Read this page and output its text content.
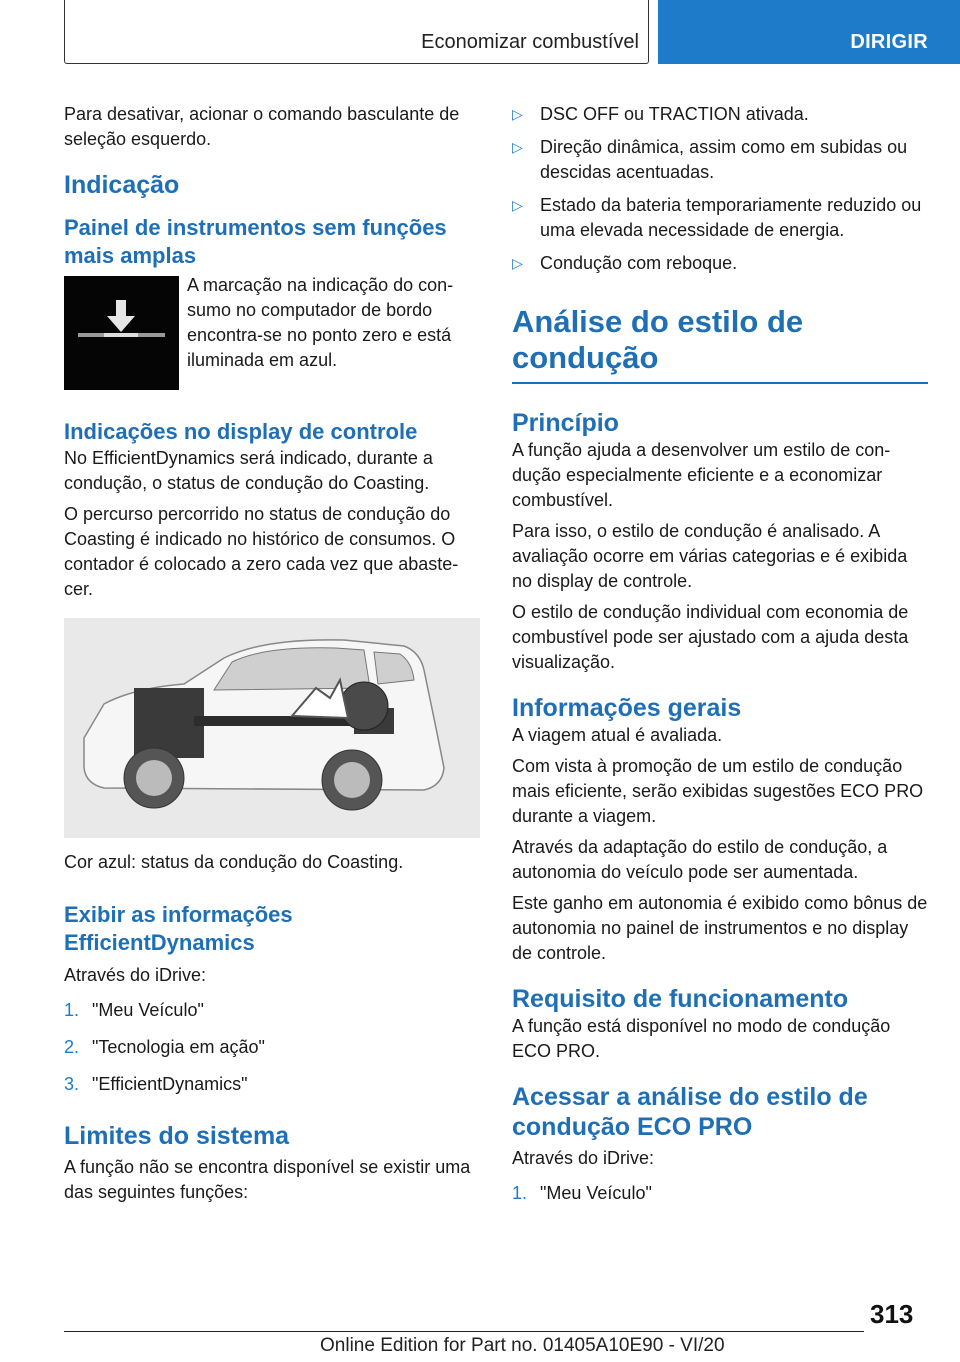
Economizar combustível	DIRIGIR

Para desativar, acionar o comando basculante de seleção esquerdo.

Indicação
Painel de instrumentos sem funções mais amplas

A marcação na indicação do con-sumo no computador de bordo encontra-se no ponto zero e está iluminada em azul.

Indicações no display de controle

No EfficientDynamics será indicado, durante a condução, o status de condução do Coasting.

O percurso percorrido no status de condução do Coasting é indicado no histórico de consumos. O contador é colocado a zero cada vez que abaste-cer.

Cor azul: status da condução do Coasting.

Exibir as informações EfficientDynamics

Através do iDrive:

1. "Meu Veículo"
2. "Tecnologia em ação"
3. "EfficientDynamics"
Limites do sistema

A função não se encontra disponível se existir uma das seguintes funções:

▷ DSC OFF ou TRACTION ativada.
▷ Direção dinâmica, assim como em subidas ou descidas acentuadas.
▷ Estado da bateria temporariamente reduzido ou uma elevada necessidade de energia.
▷ Condução com reboque.
Análise do estilo de condução
Princípio

A função ajuda a desenvolver um estilo de con-dução especialmente eficiente e a economizar combustível.

Para isso, o estilo de condução é analisado. A avaliação ocorre em várias categorias e é exibida no display de controle.

O estilo de condução individual com economia de combustível pode ser ajustado com a ajuda desta visualização.

Informações gerais

A viagem atual é avaliada.

Com vista à promoção de um estilo de condução mais eficiente, serão exibidas sugestões ECO PRO durante a viagem.

Através da adaptação do estilo de condução, a autonomia do veículo pode ser aumentada.

Este ganho em autonomia é exibido como bônus de autonomia no painel de instrumentos e no display de controle.

Requisito de funcionamento

A função está disponível no modo de condução ECO PRO.

Acessar a análise do estilo de condução ECO PRO

Através do iDrive:

1. "Meu Veículo"
313
Online Edition for Part no. 01405A10E90 - VI/20
